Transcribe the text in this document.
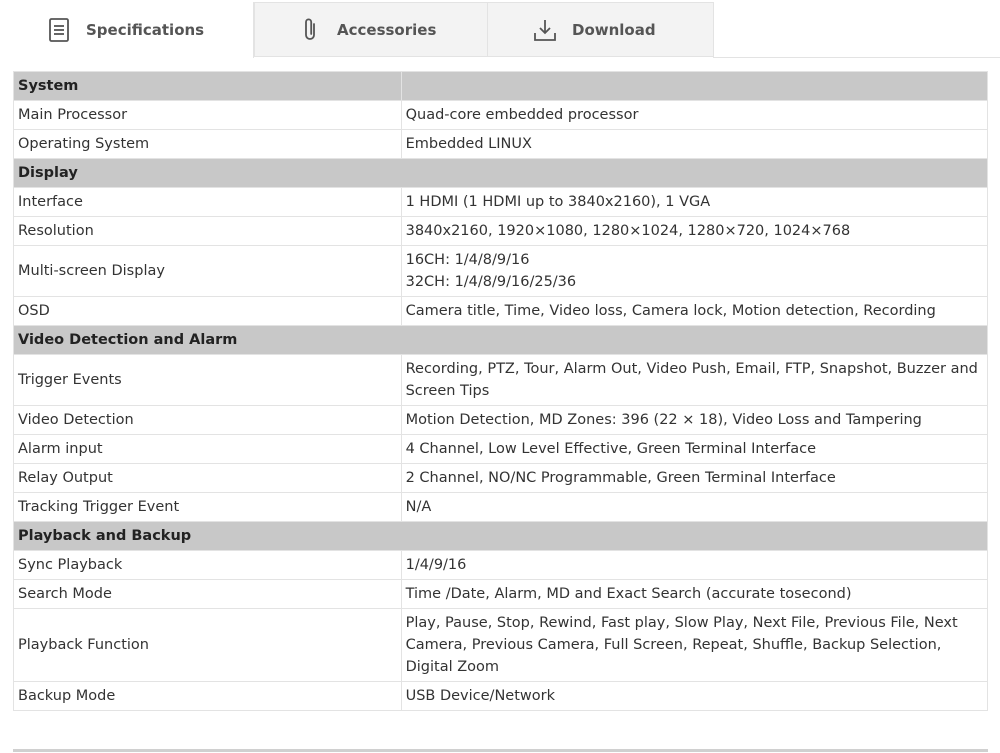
Specifications	Accessories	Download
System	
Main Processor	Quad-core embedded processor
Operating System	Embedded LINUX
Display	
Interface	1 HDMI (1 HDMI up to 3840x2160), 1 VGA
Resolution	3840x2160, 1920×1080, 1280×1024, 1280×720, 1024×768
Multi-screen Display	16CH: 1/4/8/9/16
32CH: 1/4/8/9/16/25/36

OSD	Camera title, Time, Video loss, Camera lock, Motion detection, Recording
Video Detection and Alarm	
Trigger Events	Recording, PTZ, Tour, Alarm Out, Video Push, Email, FTP, Snapshot, Buzzer and Screen Tips
Video Detection	Motion Detection, MD Zones: 396 (22 × 18), Video Loss and Tampering
Alarm input	4 Channel, Low Level Effective, Green Terminal Interface
Relay Output	2 Channel, NO/NC Programmable, Green Terminal Interface
Tracking Trigger Event	N/A
Playback and Backup	
Sync Playback	1/4/9/16
Search Mode	Time /Date, Alarm, MD and Exact Search (accurate tosecond)
Playback Function	Play, Pause, Stop, Rewind, Fast play, Slow Play, Next File, Previous File, Next Camera, Previous Camera, Full Screen, Repeat, Shuffle, Backup Selection, Digital Zoom
Backup Mode	USB Device/Network
